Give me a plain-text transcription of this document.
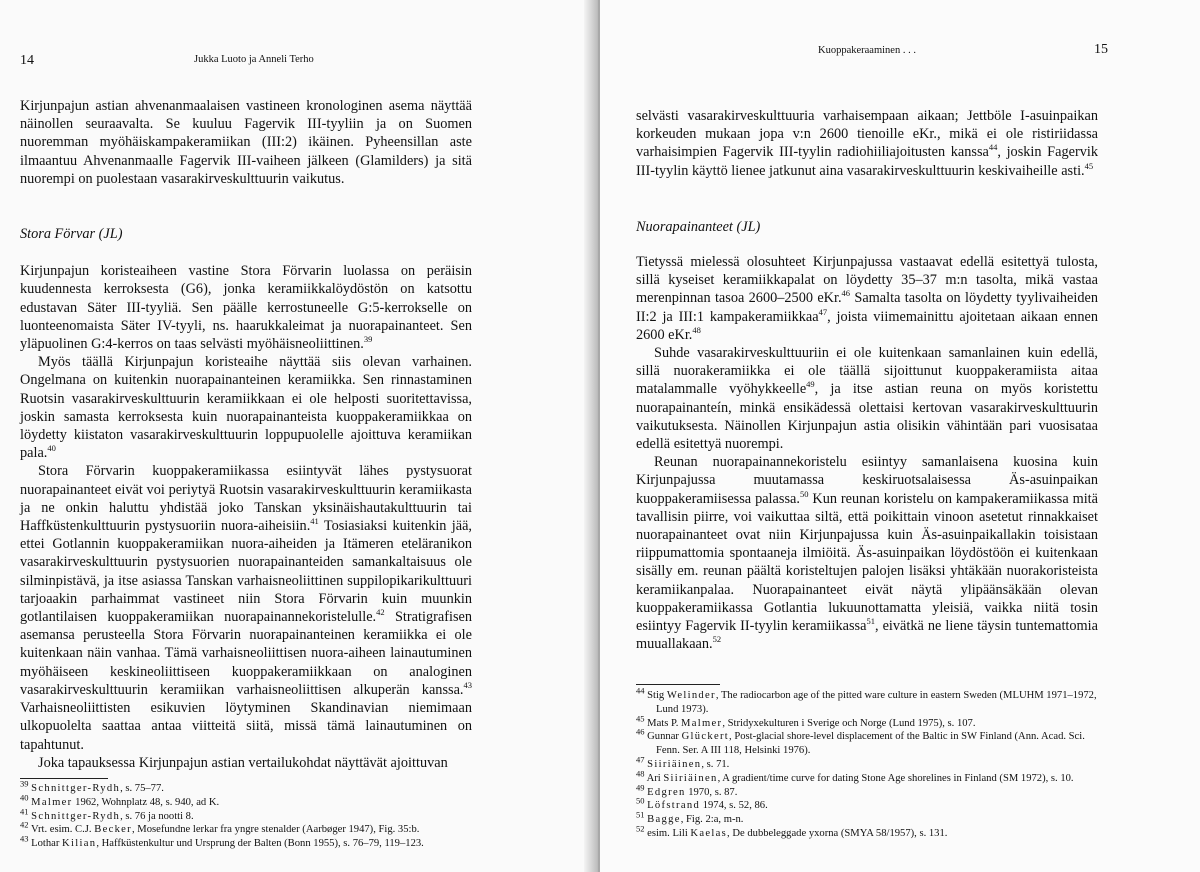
14	Jukka Luoto ja Anneli Terho

Kirjunpajun astian ahvenanmaalaisen vastineen kronologinen asema näyttää näinollen seuraavalta. Se kuuluu Fagervik III-tyyliin ja on Suomen nuoremman myöhäiskampakeramiikan (III:2) ikäinen. Pyheensillan aste ilmaantuu Ahvenanmaalle Fagervik III-vaiheen jälkeen (Glamilders) ja sitä nuorempi on puolestaan vasarakirveskulttuurin vaikutus.

Stora Förvar (JL)

Kirjunpajun koristeaiheen vastine Stora Förvarin luolassa on peräisin kuudennesta kerroksesta (G6), jonka keramiikkalöydöstön on katsottu edustavan Säter III-tyyliä. Sen päälle kerrostuneelle G:5-kerrokselle on luonteenomaista Säter IV-tyyli, ns. haarukkaleimat ja nuorapainanteet. Sen yläpuolinen G:4-kerros on taas selvästi myöhäisneoliittinen.$^{39}$

Myös täällä Kirjunpajun koristeaihe näyttää siis olevan varhainen. Ongelmana on kuitenkin nuorapainanteinen keramiikka. Sen rinnastaminen Ruotsin vasarakirveskulttuurin keramiikkaan ei ole helposti suoritettavissa, joskin samasta kerroksesta kuin nuorapainanteista kuoppakeramiikkaa on löydetty kiistaton vasarakirveskulttuurin loppupuolelle ajoittuva keramiikan pala.$^{40}$

Stora Förvarin kuoppakeramiikassa esiintyvät lähes pystysuorat nuorapainanteet eivät voi periytyä Ruotsin vasarakirveskulttuurin keramiikasta ja ne onkin haluttu yhdistää joko Tanskan yksinäishautakulttuurin tai Haffküstenkulttuurin pystysuoriin nuora-aiheisiin.$^{41}$ Tosiasiaksi kuitenkin jää, ettei Gotlannin kuoppakeramiikan nuora-aiheiden ja Itämeren eteläranikon vasarakirveskulttuurin pystysuorien nuorapainanteiden samankaltaisuus ole silminpistävä, ja itse asiassa Tanskan varhaisneoliittinen suppilopikarikulttuuri tarjoaakin parhaimmat vastineet niin Stora Förvarin kuin muunkin gotlantilaisen kuoppakeramiikan nuorapainannekoristelulle.$^{42}$ Stratigrafisen asemansa perusteella Stora Förvarin nuorapainanteinen keramiikka ei ole kuitenkaan näin vanhaa. Tämä varhaisneoliittisen nuora-aiheen lainautuminen myöhäiseen keskineoliittiseen kuoppakeramiikkaan on analoginen vasarakirveskulttuurin keramiikan varhaisneoliittisen alkuperän kanssa.$^{43}$ Varhaisneoliittisten esikuvien löytyminen Skandinavian niemimaan ulkopuolelta saattaa antaa viitteitä siitä, missä tämä lainautuminen on tapahtunut.

Joka tapauksessa Kirjunpajun astian vertailukohdat näyttävät ajoittuvan

$^{39}$ Schnittger-Rydh, s. 75–77.

$^{40}$ Malmer 1962, Wohnplatz 48, s. 940, ad K.

$^{41}$ Schnittger-Rydh, s. 76 ja nootti 8.

$^{42}$ Vrt. esim. C.J. Becker, Mosefundne lerkar fra yngre stenalder (Aarbøger 1947), Fig. 35:b.

$^{43}$ Lothar Kilian, Haffküstenkultur und Ursprung der Balten (Bonn 1955), s. 76–79, 119–123.

Kuoppakeraaminen . . .	15

selvästi vasarakirveskulttuuria varhaisempaan aikaan; Jettböle I-asuinpaikan korkeuden mukaan jopa v:n 2600 tienoille eKr., mikä ei ole ristiriidassa varhaisimpien Fagervik III-tyylin radiohiiliajoitusten kanssa$^{44}$, joskin Fagervik III-tyylin käyttö lienee jatkunut aina vasarakirveskulttuurin keskivaiheille asti.$^{45}$

Nuorapainanteet (JL)

Tietyssä mielessä olosuhteet Kirjunpajussa vastaavat edellä esitettyä tulosta, sillä kyseiset keramiikkapalat on löydetty 35–37 m:n tasolta, mikä vastaa merenpinnan tasoa 2600–2500 eKr.$^{46}$ Samalta tasolta on löydetty tyylivaiheiden II:2 ja III:1 kampakeramiikkaa$^{47}$, joista viimemainittu ajoitetaan aikaan ennen 2600 eKr.$^{48}$

Suhde vasarakirveskulttuuriin ei ole kuitenkaan samanlainen kuin edellä, sillä nuorakeramiikka ei ole täällä sijoittunut kuoppakeramiista aitaa matalammalle vyöhykkeelle$^{49}$, ja itse astian reuna on myös koristettu nuorapainanteín, minkä ensikädessä olettaisi kertovan vasarakirveskulttuurin vaikutuksesta. Näinollen Kirjunpajun astia olisikin vähintään pari vuosisataa edellä esitettyä nuorempi.

Reunan nuorapainannekoristelu esiintyy samanlaisena kuosina kuin Kirjunpajussa muutamassa keskiruotsalaisessa Äs-asuinpaikan kuoppakeramiisessa palassa.$^{50}$ Kun reunan koristelu on kampakeramiikassa mitä tavallisin piirre, voi vaikuttaa siltä, että poikittain vinoon asetetut rinnakkaiset nuorapainanteet ovat niin Kirjunpajussa kuin Äs-asuinpaikallakin toisistaan riippumattomia spontaaneja ilmiöitä. Äs-asuinpaikan löydöstöön ei kuitenkaan sisälly em. reunan päältä koristeltujen palojen lisäksi yhtäkään nuorakoristeista keramiikanpalaa. Nuorapainanteet eivät näytä ylipäänsäkään olevan kuoppakeramiikassa Gotlantia lukuunottamatta yleisiä, vaikka niitä tosin esiintyy Fagervik II-tyylin keramiikassa$^{51}$, eivätkä ne liene täysin tuntemattomia muuallakaan.$^{52}$

$^{44}$ Stig Welinder, The radiocarbon age of the pitted ware culture in eastern Sweden (MLUHM 1971–1972, Lund 1973).

$^{45}$ Mats P. Malmer, Stridyxekulturen i Sverige och Norge (Lund 1975), s. 107.

$^{46}$ Gunnar Glückert, Post-glacial shore-level displacement of the Baltic in SW Finland (Ann. Acad. Sci. Fenn. Ser. A III 118, Helsinki 1976).

$^{47}$ Siiriäinen, s. 71.

$^{48}$ Ari Siiriäinen, A gradient/time curve for dating Stone Age shorelines in Finland (SM 1972), s. 10.

$^{49}$ Edgren 1970, s. 87.

$^{50}$ Löfstrand 1974, s. 52, 86.

$^{51}$ Bagge, Fig. 2:a, m-n.

$^{52}$ esim. Lili Kaelas, De dubbeleggade yxorna (SMYA 58/1957), s. 131.
